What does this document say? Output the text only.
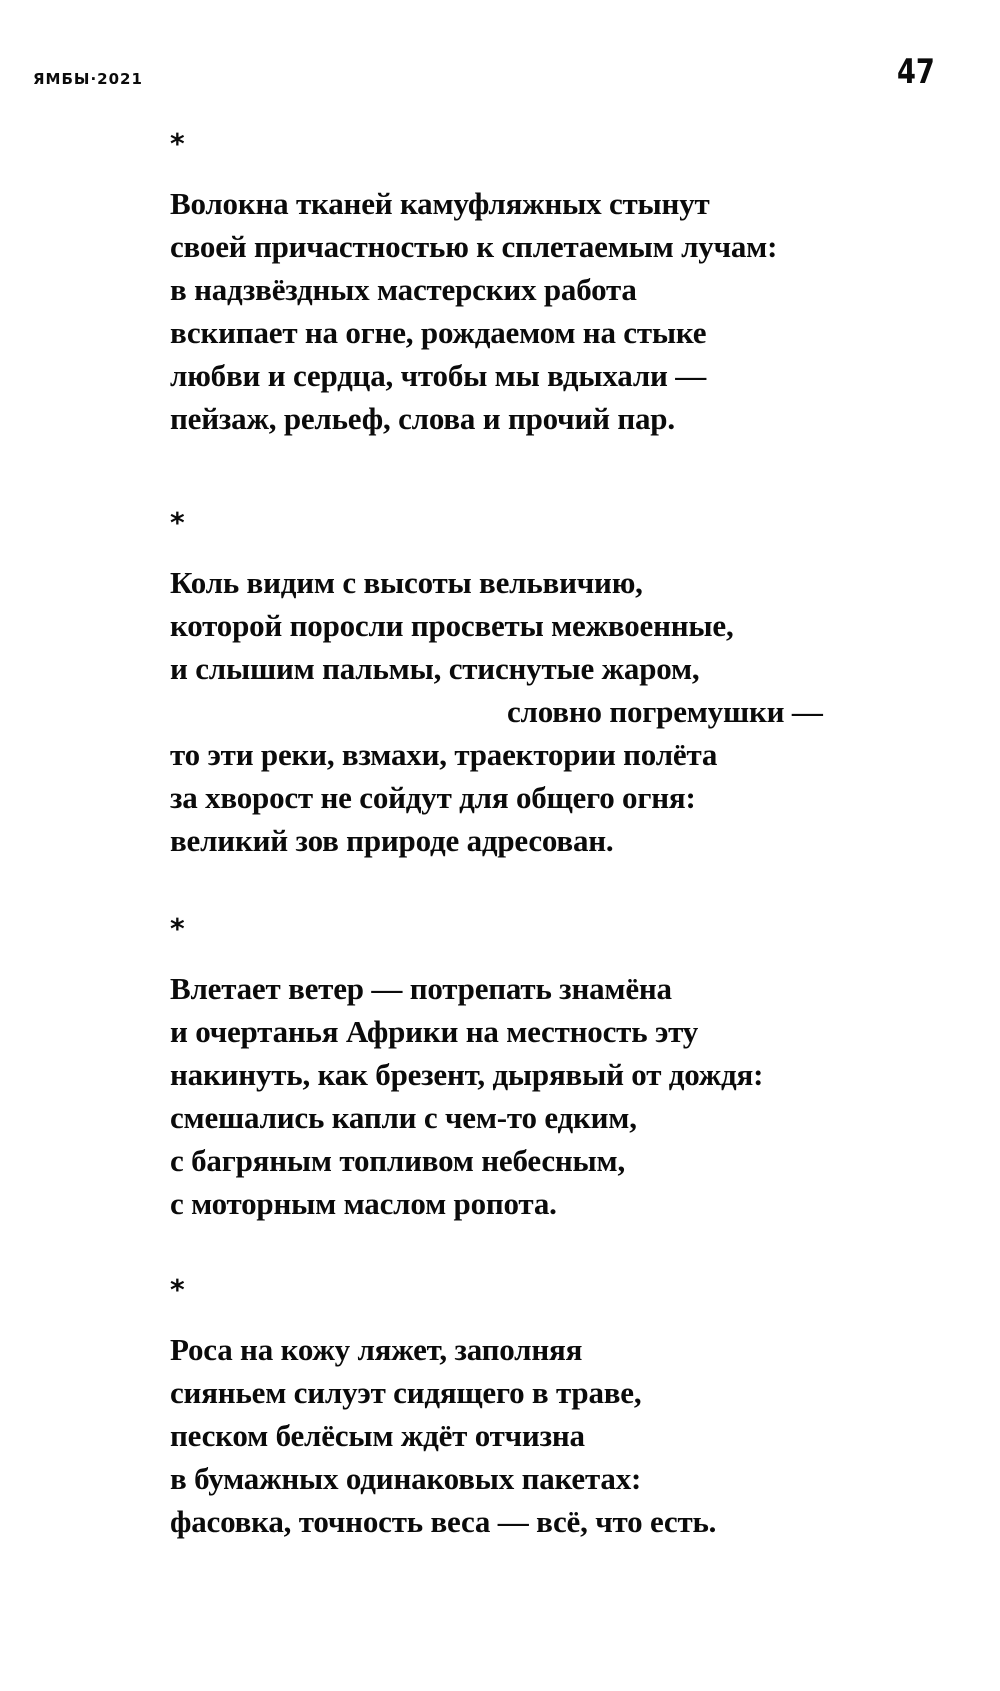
ЯМБЫ·2021	47
*
Волокна тканей камуфляжных стынут
своей причастностью к сплетаемым лучам:
в надзвёздных мастерских работа
вскипает на огне, рождаемом на стыке
любви и сердца, чтобы мы вдыхали —
пейзаж, рельеф, слова и прочий пар.
*
Коль видим с высоты вельвичию,
которой поросли просветы межвоенные,
и слышим пальмы, стиснутые жаром,
словно погремушки —
то эти реки, взмахи, траектории полёта
за хворост не сойдут для общего огня:
великий зов природе адресован.
*
Влетает ветер — потрепать знамёна
и очертанья Африки на местность эту
накинуть, как брезент, дырявый от дождя:
смешались капли с чем-то едким,
с багряным топливом небесным,
с моторным маслом ропота.
*
Роса на кожу ляжет, заполняя
сияньем силуэт сидящего в траве,
песком белёсым ждёт отчизна
в бумажных одинаковых пакетах:
фасовка, точность веса — всё, что есть.
